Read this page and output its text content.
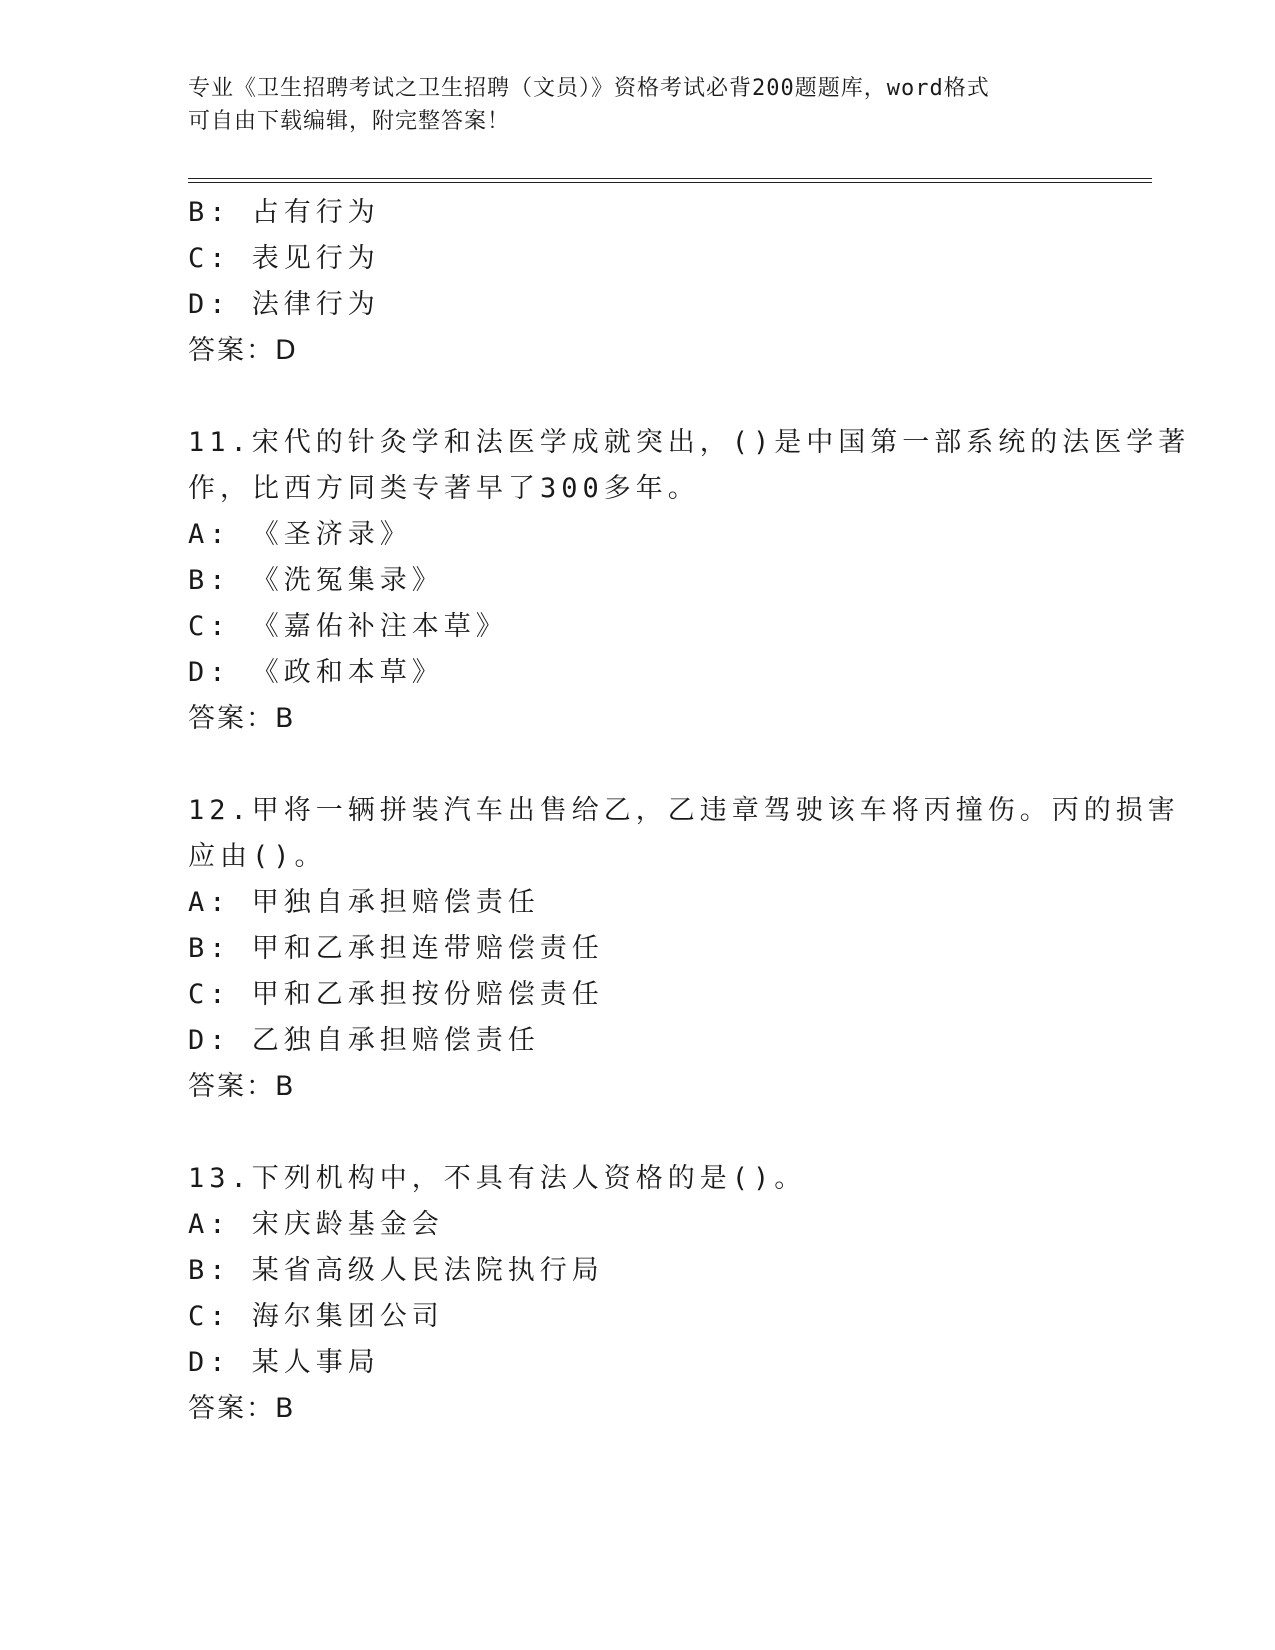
专业《卫生招聘考试之卫生招聘（文员）》资格考试必背200题题库，word格式
可自由下载编辑，附完整答案！
B: 占有行为
C: 表见行为
D: 法律行为
答案：D
11.宋代的针灸学和法医学成就突出，()是中国第一部系统的法医学著
作，比西方同类专著早了300多年。
A: 《圣济录》
B: 《洗冤集录》
C: 《嘉佑补注本草》
D: 《政和本草》
答案：B
12.甲将一辆拼装汽车出售给乙，乙违章驾驶该车将丙撞伤。丙的损害
应由()。
A: 甲独自承担赔偿责任
B: 甲和乙承担连带赔偿责任
C: 甲和乙承担按份赔偿责任
D: 乙独自承担赔偿责任
答案：B
13.下列机构中，不具有法人资格的是()。
A: 宋庆龄基金会
B: 某省高级人民法院执行局
C: 海尔集团公司
D: 某人事局
答案：B
